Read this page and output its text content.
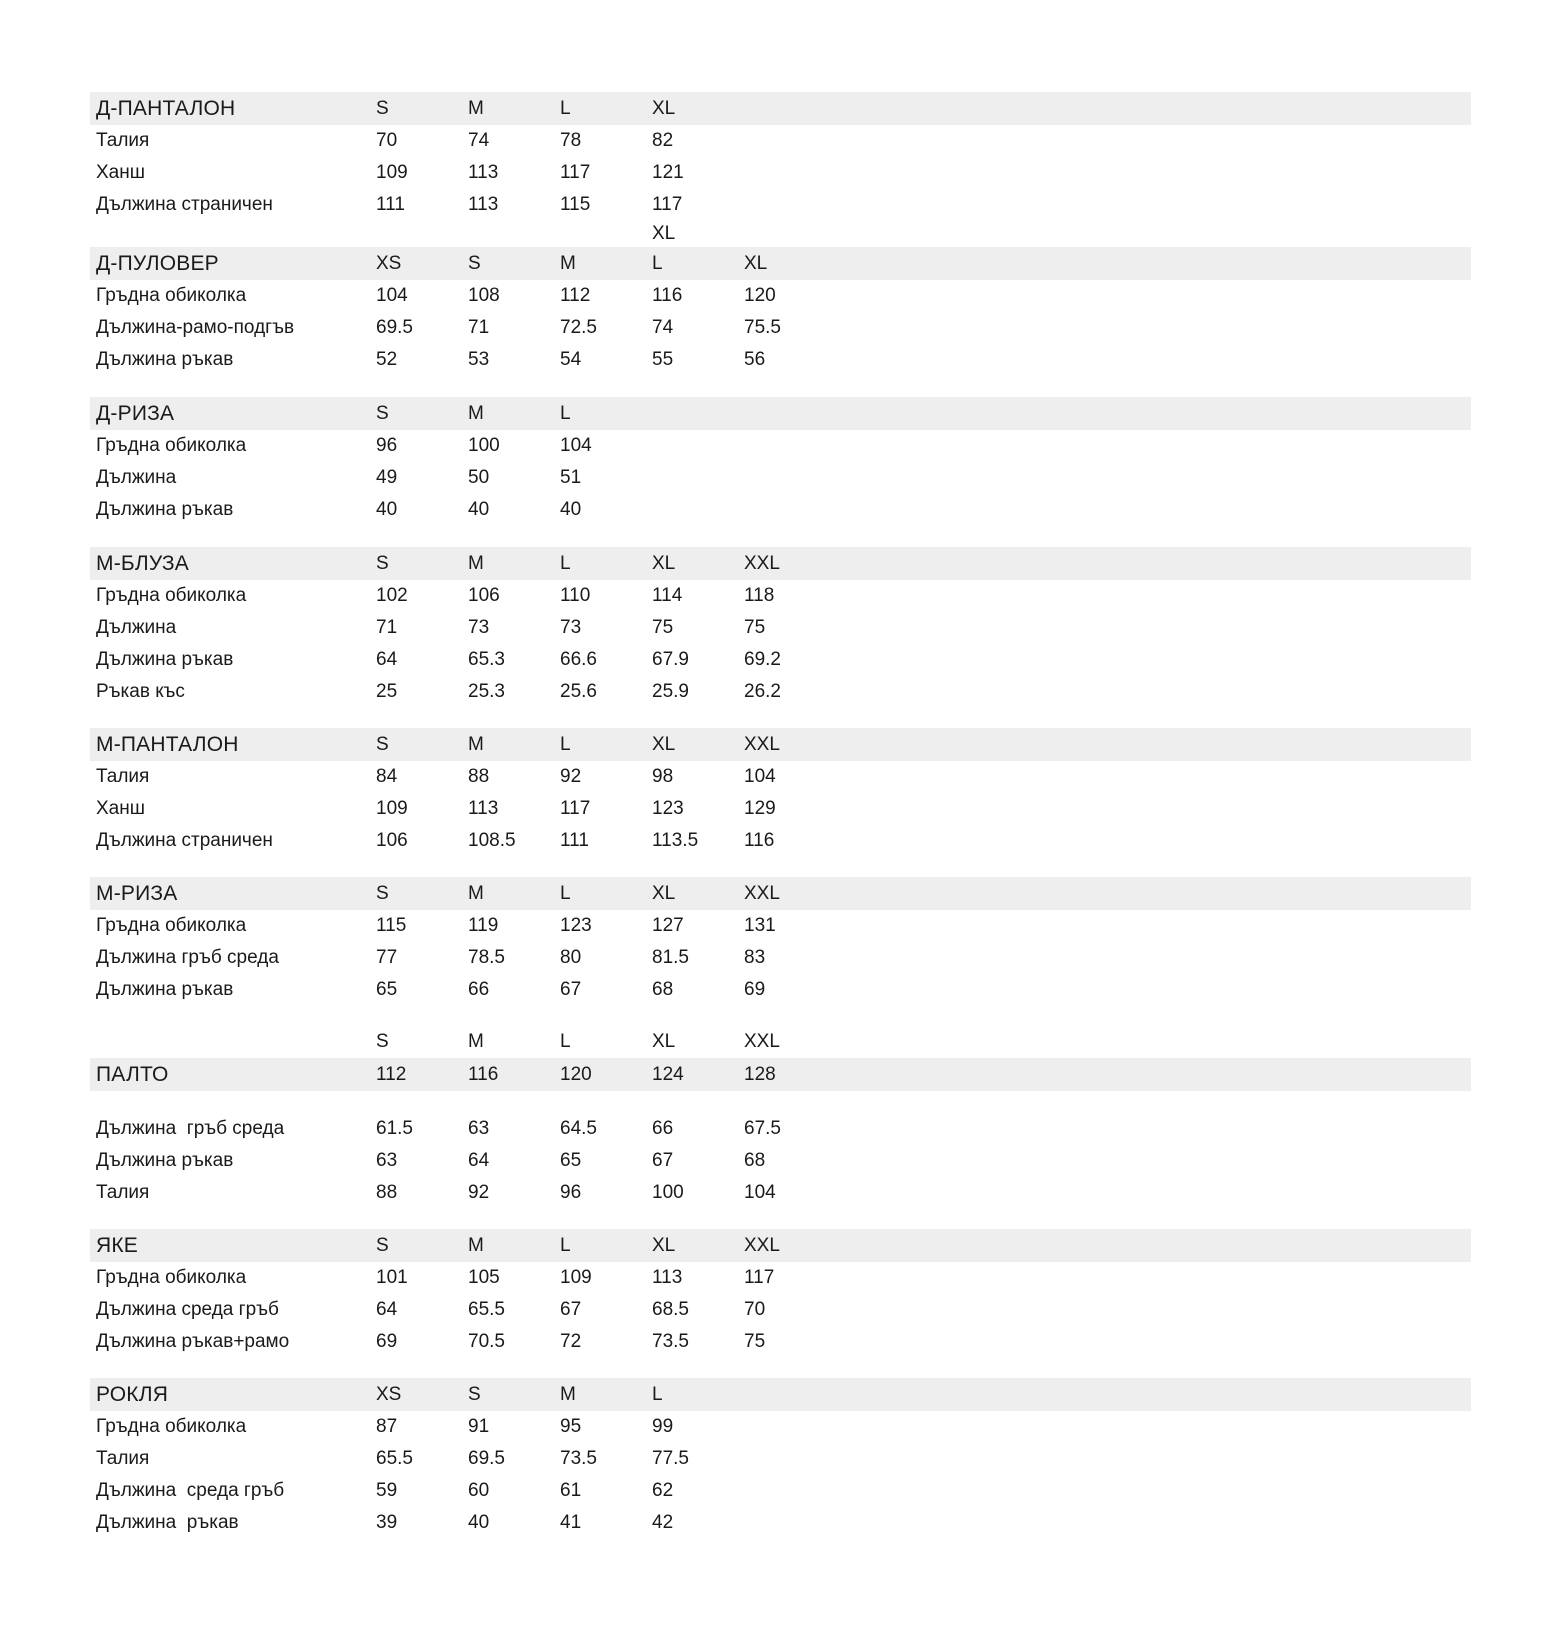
Д-ПАНТАЛОН	S	M	L	XL
Талия	70	74	78	82
Ханш	109	113	117	121
Дължина страничен	111	113	115	117
XL
Д-ПУЛОВЕР	XS	S	M	L	XL
Гръдна обиколка	104	108	112	116	120
Дължина-рамо-подгъв	69.5	71	72.5	74	75.5
Дължина ръкав	52	53	54	55	56
Д-РИЗА	S	M	L
Гръдна обиколка	96	100	104
Дължина	49	50	51
Дължина ръкав	40	40	40
М-БЛУЗА	S	M	L	XL	XXL
Гръдна обиколка	102	106	110	114	118
Дължина	71	73	73	75	75
Дължина ръкав	64	65.3	66.6	67.9	69.2
Ръкав къс	25	25.3	25.6	25.9	26.2
М-ПАНТАЛОН	S	M	L	XL	XXL
Талия	84	88	92	98	104
Ханш	109	113	117	123	129
Дължина страничен	106	108.5	111	113.5	116
М-РИЗА	S	M	L	XL	XXL
Гръдна обиколка	115	119	123	127	131
Дължина гръб среда	77	78.5	80	81.5	83
Дължина ръкав	65	66	67	68	69
S	M	L	XL	XXL
ПАЛТО	112	116	120	124	128
Дължина  гръб среда	61.5	63	64.5	66	67.5
Дължина ръкав	63	64	65	67	68
Талия	88	92	96	100	104
ЯКЕ	S	M	L	XL	XXL
Гръдна обиколка	101	105	109	113	117
Дължина среда гръб	64	65.5	67	68.5	70
Дължина ръкав+рамо	69	70.5	72	73.5	75
РОКЛЯ	XS	S	M	L
Гръдна обиколка	87	91	95	99
Талия	65.5	69.5	73.5	77.5
Дължина  среда гръб	59	60	61	62
Дължина  ръкав	39	40	41	42
